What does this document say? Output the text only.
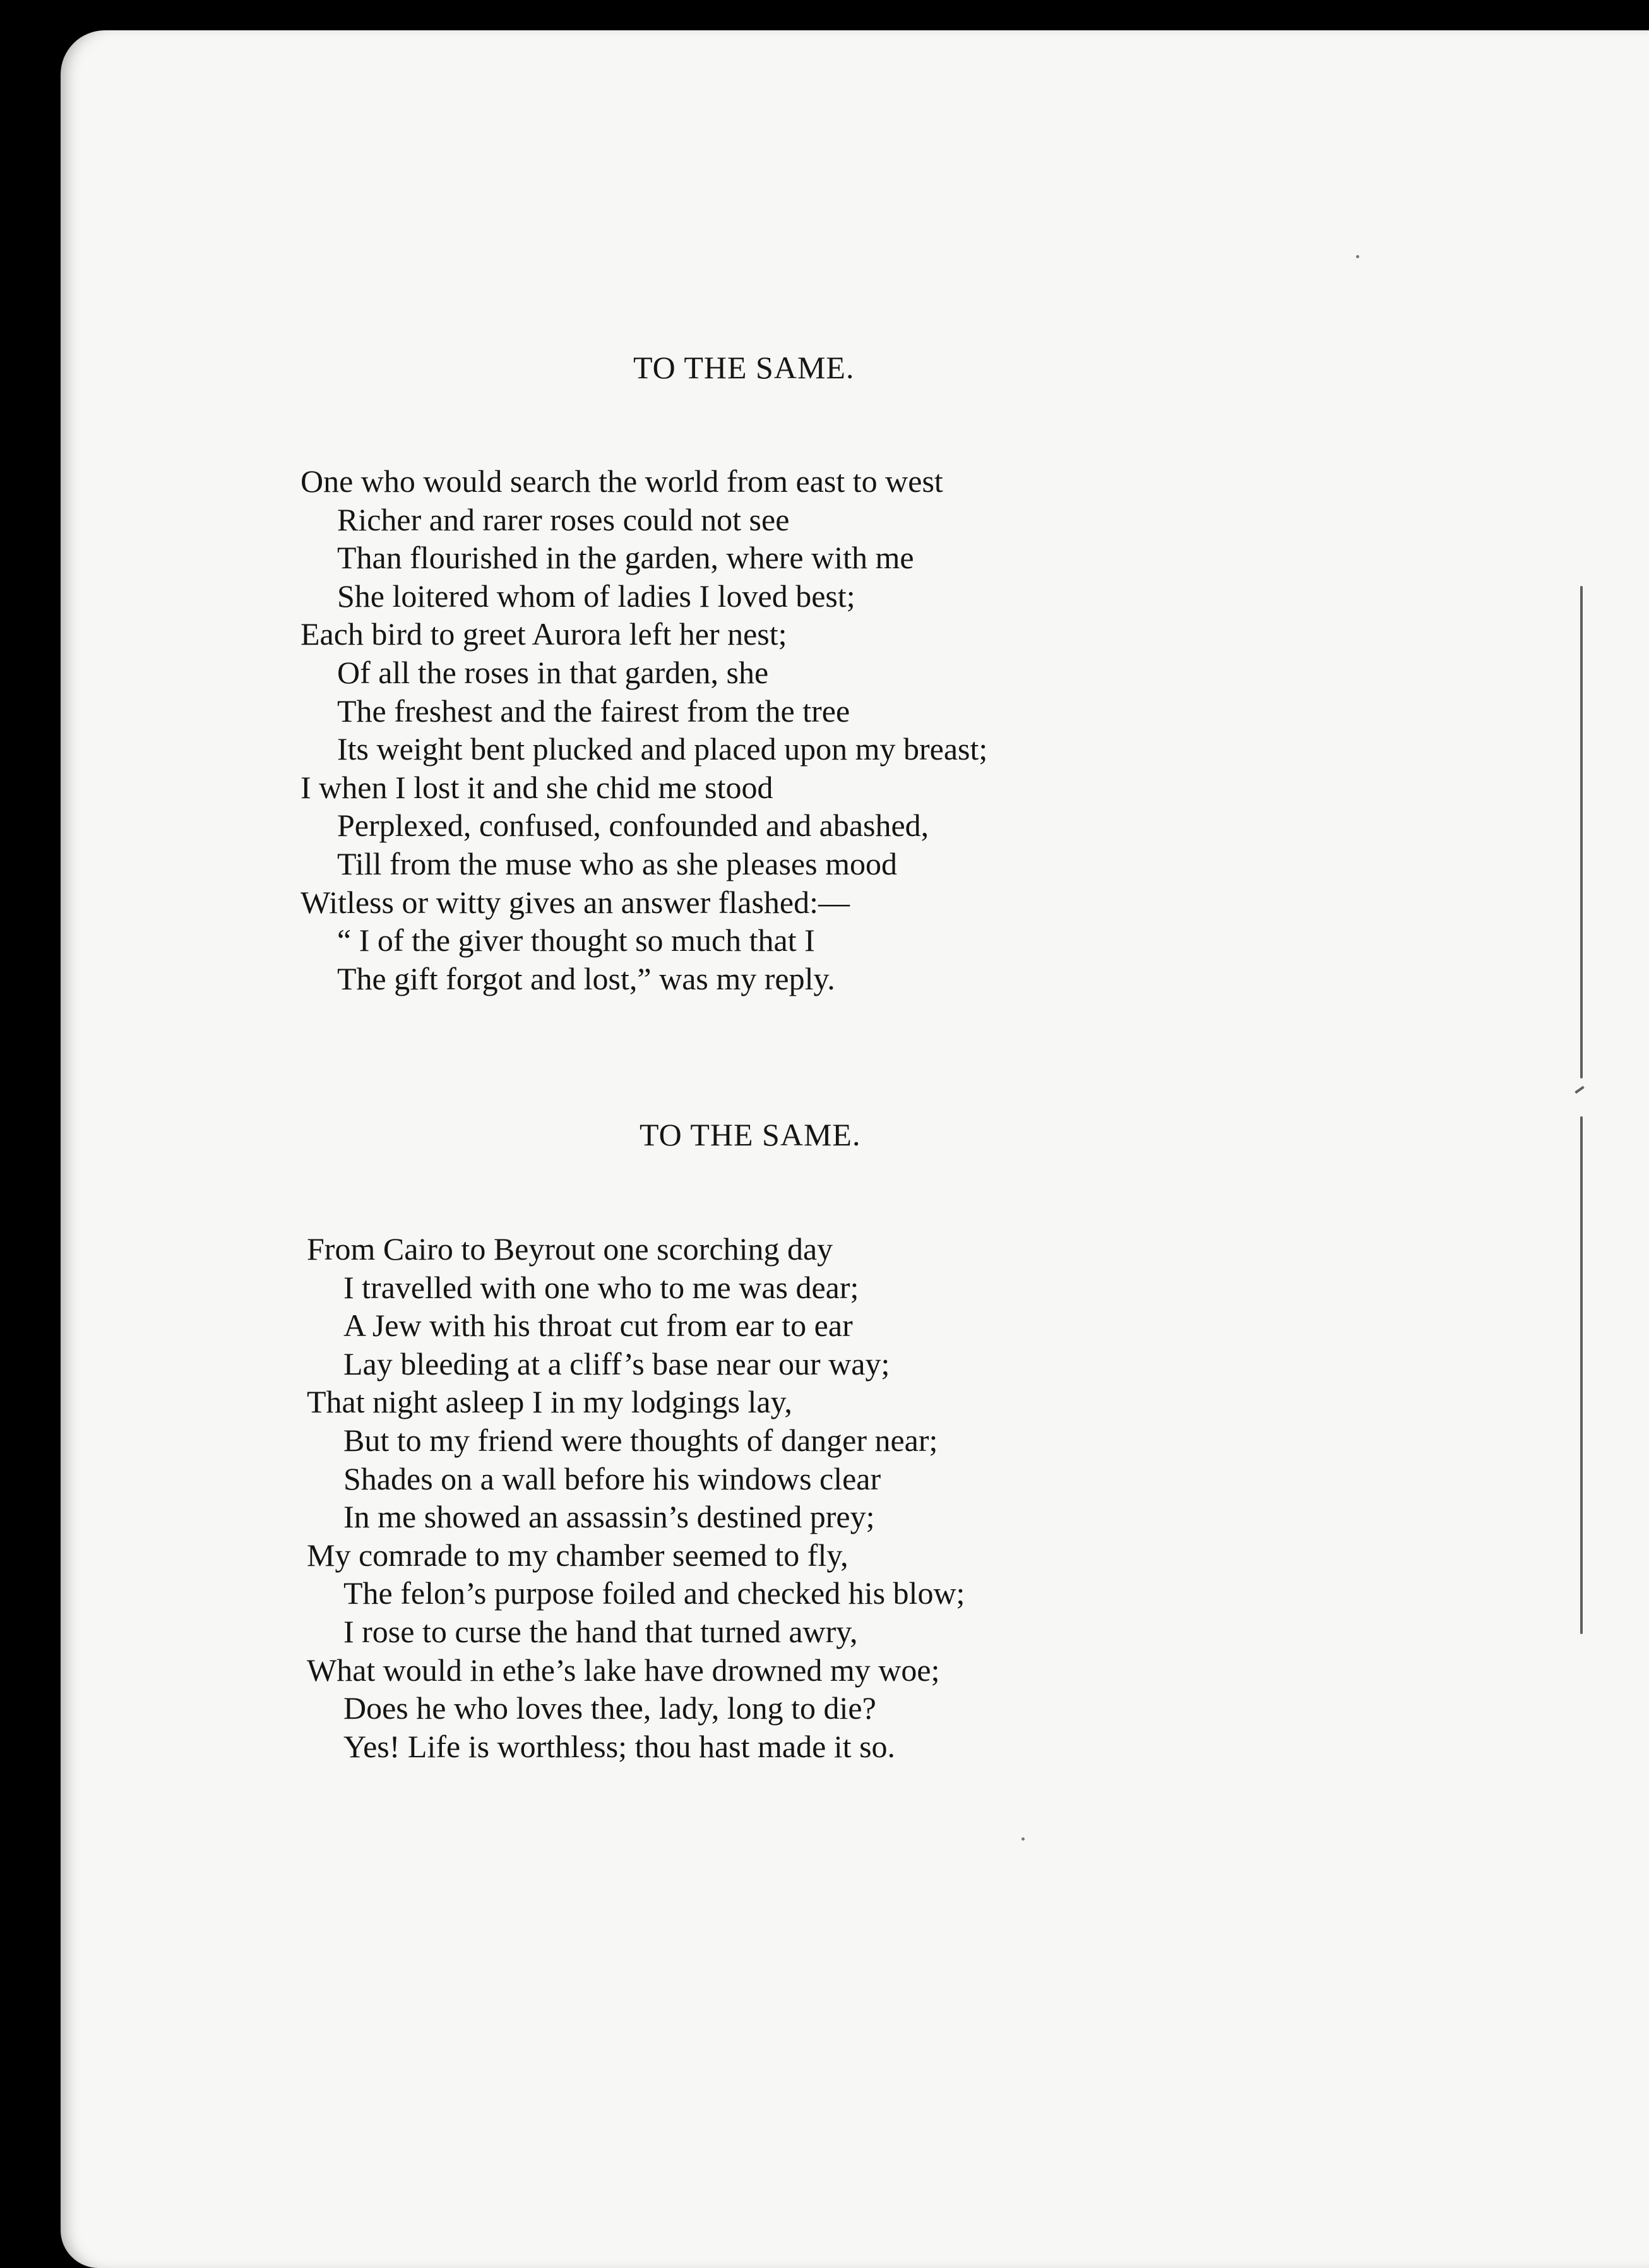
TO THE SAME.
One who would search the world from east to west
Richer and rarer roses could not see
Than flourished in the garden, where with me
She loitered whom of ladies I loved best;
Each bird to greet Aurora left her nest;
Of all the roses in that garden, she
The freshest and the fairest from the tree
Its weight bent plucked and placed upon my breast;
I when I lost it and she chid me stood
Perplexed, confused, confounded and abashed,
Till from the muse who as she pleases mood
Witless or witty gives an answer flashed:—
“ I of the giver thought so much that I
The gift forgot and lost,” was my reply.
TO THE SAME.
From Cairo to Beyrout one scorching day
I travelled with one who to me was dear;
A Jew with his throat cut from ear to ear
Lay bleeding at a cliff’s base near our way;
That night asleep I in my lodgings lay,
But to my friend were thoughts of danger near;
Shades on a wall before his windows clear
In me showed an assassin’s destined prey;
My comrade to my chamber seemed to fly,
The felon’s purpose foiled and checked his blow;
I rose to curse the hand that turned awry,
What would in ethe’s lake have drowned my woe;
Does he who loves thee, lady, long to die?
Yes! Life is worthless; thou hast made it so.
